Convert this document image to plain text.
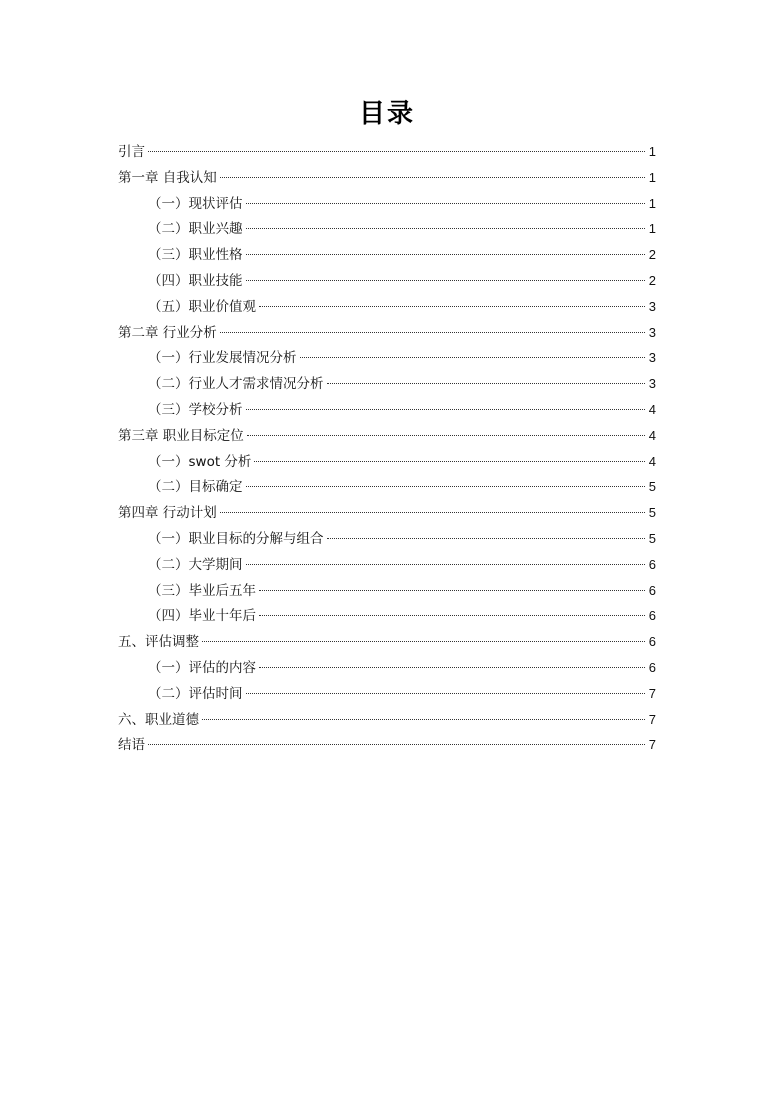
目录
引言	1
第一章 自我认知	1
（一）现状评估	1
（二）职业兴趣	1
（三）职业性格	2
（四）职业技能	2
（五）职业价值观	3
第二章 行业分析	3
（一）行业发展情况分析	3
（二）行业人才需求情况分析	3
（三）学校分析	4
第三章 职业目标定位	4
（一）swot 分析	4
（二）目标确定	5
第四章 行动计划	5
（一）职业目标的分解与组合	5
（二）大学期间	6
（三）毕业后五年	6
（四）毕业十年后	6
五、评估调整	6
（一）评估的内容	6
（二）评估时间	7
六、职业道德	7
结语	7
